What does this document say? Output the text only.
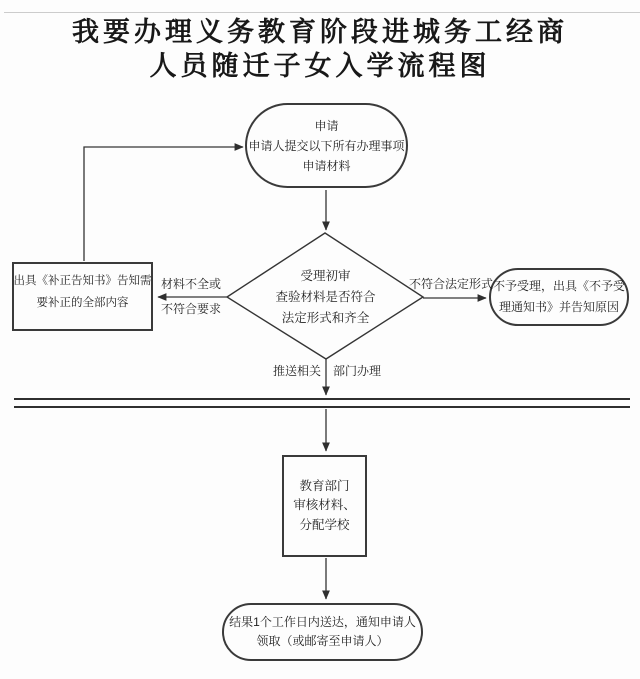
我要办理义务教育阶段进城务工经商
人员随迁子女入学流程图
申请
申请人提交以下所有办理事项
申请材料
受理初审
查验材料是否符合
法定形式和齐全
出具《补正告知书》告知需
要补正的全部内容
不予受理，出具《不予受
理通知书》并告知原因
教育部门
审核材料、
分配学校
结果1个工作日内送达，通知申请人
领取（或邮寄至申请人）
材料不全或
不符合要求
不符合法定形式
推送相关 部门办理
